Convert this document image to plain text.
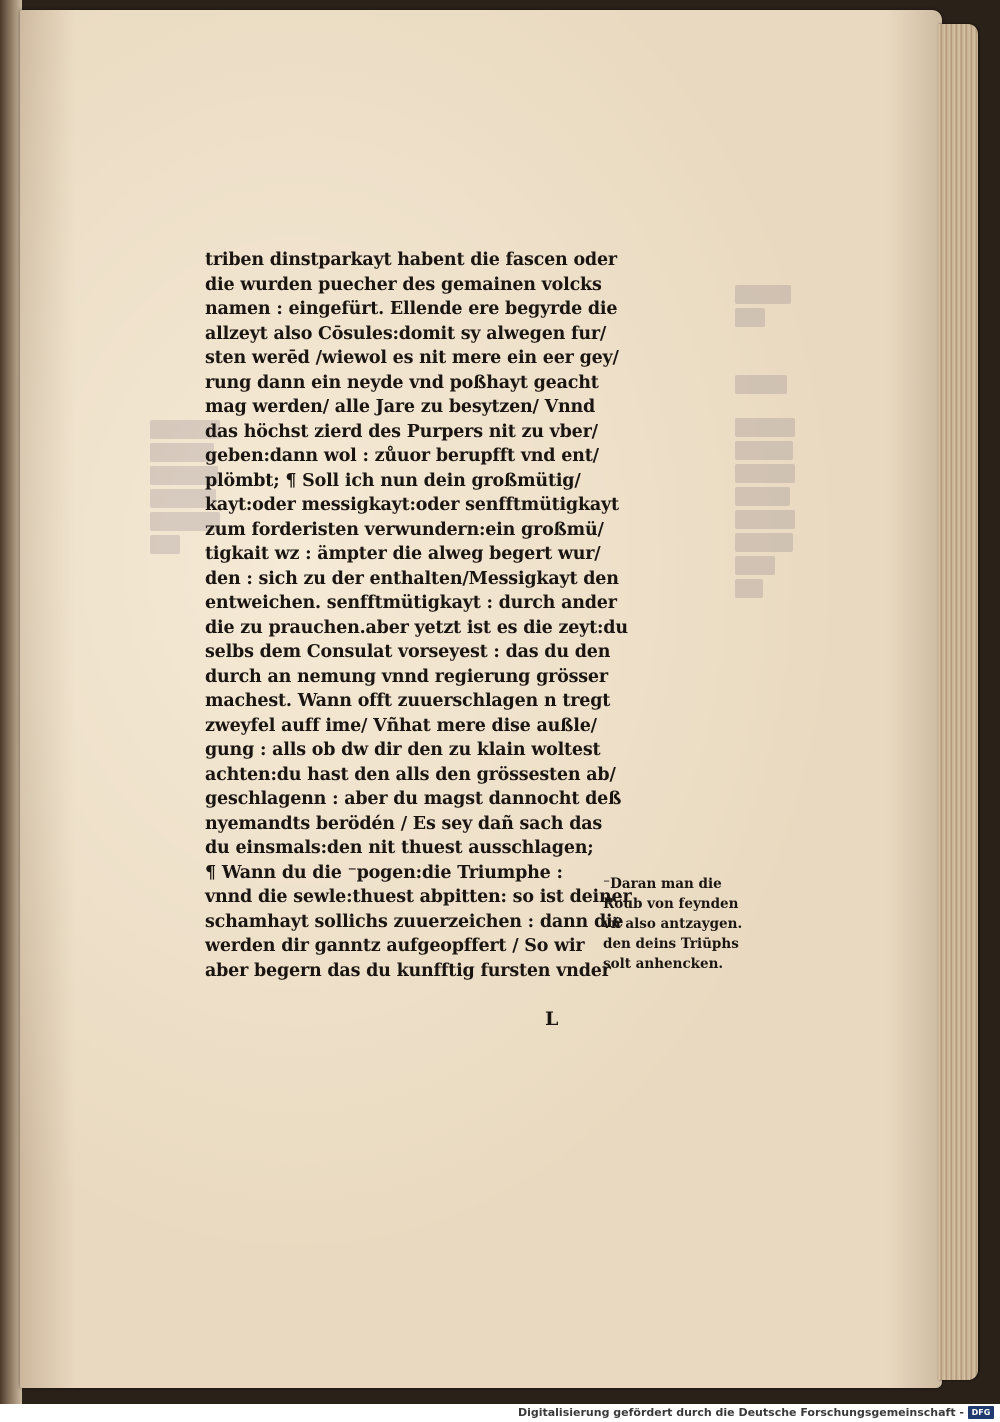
triben dinstparkayt habent die fascen oder
die wurden puecher des gemainen volcks
namen : eingefürt. Ellende ere begyrde die
allzeyt also Cōsules:domit sy alwegen fur/
sten werēd /wiewol es nit mere ein eer gey/
rung dann ein neyde vnd poßhayt geacht
mag werden/ alle Jare zu besytzen/ Vnnd
das höchst zierd des Purpers nit zu vber/
geben:dann wol : zůuor berupfft vnd ent/
plömbt; ¶ Soll ich nun dein großmütig/
kayt:oder messigkayt:oder senfftmütigkayt
zum forderisten verwundern:ein großmü/
tigkait wz : ämpter die alweg begert wur/
den : sich zu der enthalten/Messigkayt den
entweichen. senfftmütigkayt : durch ander
die zu prauchen.aber yetzt ist es die zeyt:du
selbs dem Consulat vorseyest : das du den
durch an nemung vnnd regierung grösser
machest. Wann offt zuuerschlagen n tregt
zweyfel auff ime/ Vñhat mere dise außle/
gung : alls ob dw dir den zu klain woltest
achten:du hast den alls den grössesten ab/
geschlagenn : aber du magst dannocht deß
nyemandts berödén / Es sey dañ sach das
du einsmals:den nit thuest ausschlagen;
¶ Wann du die ⁻pogen:die Triumphe :
vnnd die sewle:thuest abpitten: so ist deiner
schamhayt sollichs zuuerzeichen : dann die
werden dir ganntz aufgeopffert / So wir
aber begern das du kunfftig fursten vnder
⁻Daran man die
Roub von feynden
vñ also antzaygen.
den deins Triūphs
solt anhencken.
L
Digitalisierung gefördert durch die Deutsche Forschungsgemeinschaft - DFG
